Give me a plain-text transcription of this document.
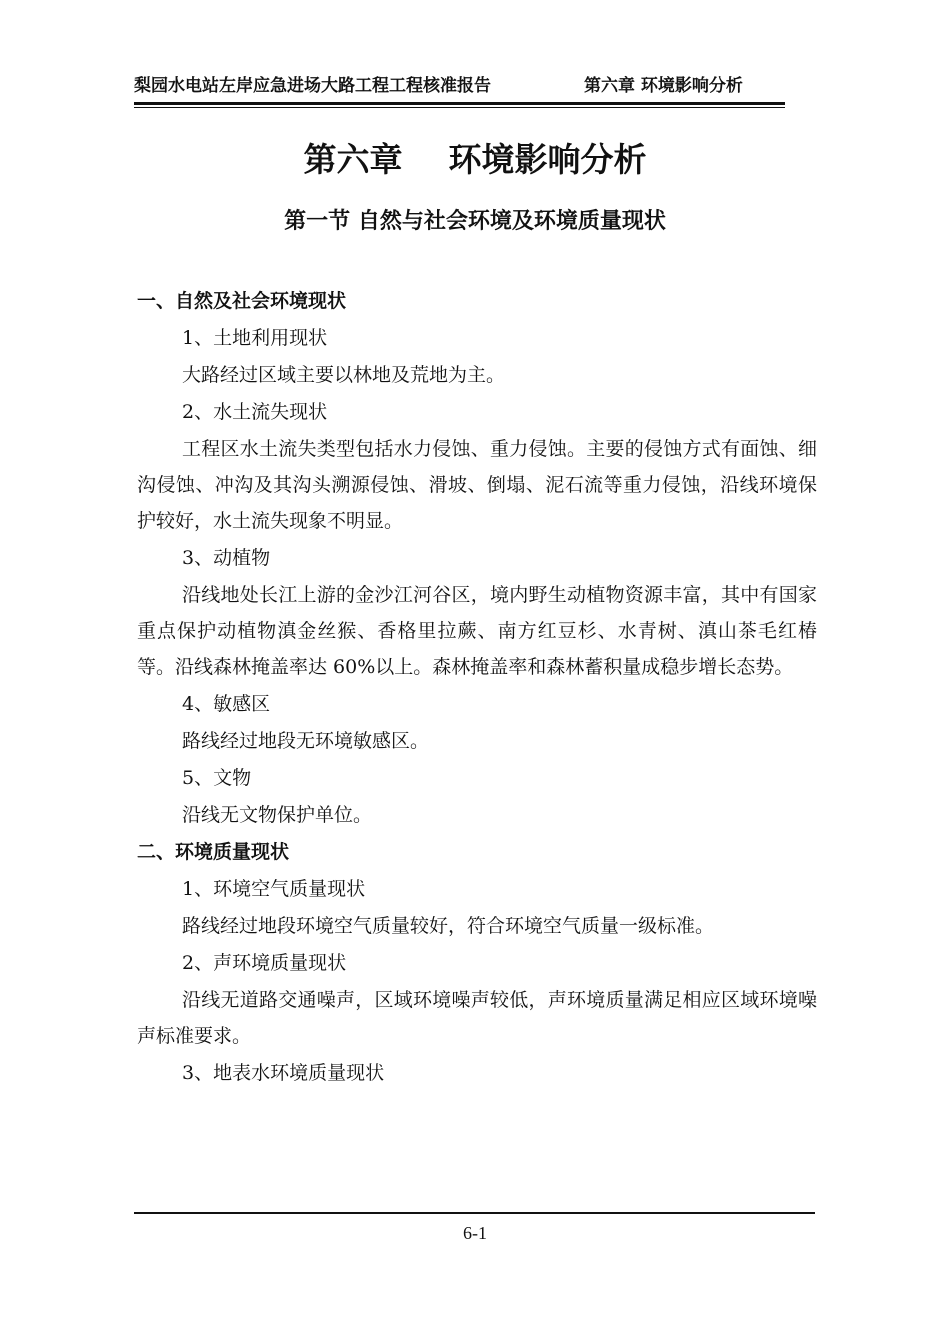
梨园水电站左岸应急进场大路工程工程核准报告	第六章 环境影响分析
第六章    环境影响分析
第一节 自然与社会环境及环境质量现状
一、自然及社会环境现状
1、土地利用现状

大路经过区域主要以林地及荒地为主。

2、水土流失现状

工程区水土流失类型包括水力侵蚀、重力侵蚀。主要的侵蚀方式有面蚀、细沟侵蚀、冲沟及其沟头溯源侵蚀、滑坡、倒塌、泥石流等重力侵蚀，沿线环境保护较好，水土流失现象不明显。

3、动植物

沿线地处长江上游的金沙江河谷区，境内野生动植物资源丰富，其中有国家重点保护动植物滇金丝猴、香格里拉蕨、南方红豆杉、水青树、滇山茶毛红椿等。沿线森林掩盖率达 60%以上。森林掩盖率和森林蓄积量成稳步增长态势。

4、敏感区

路线经过地段无环境敏感区。

5、文物

沿线无文物保护单位。

二、环境质量现状
1、环境空气质量现状

路线经过地段环境空气质量较好，符合环境空气质量一级标准。

2、声环境质量现状

沿线无道路交通噪声，区域环境噪声较低，声环境质量满足相应区域环境噪声标准要求。

3、地表水环境质量现状
6-1
